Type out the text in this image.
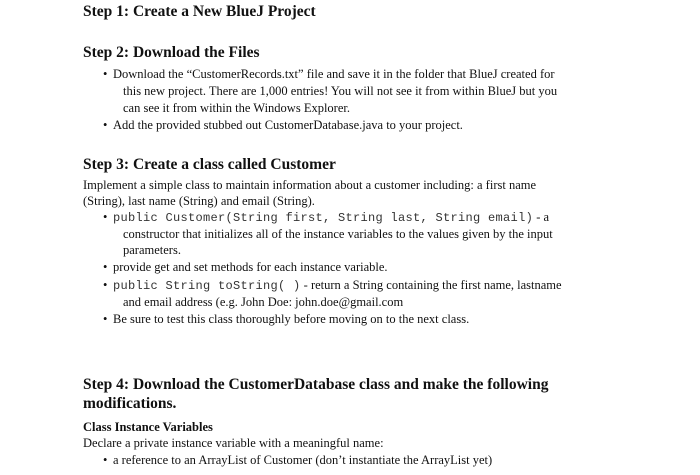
Step 1: Create a New BlueJ Project
Step 2: Download the Files
• Download the “CustomerRecords.txt” file and save it in the folder that BlueJ created for

this new project. There are 1,000 entries! You will not see it from within BlueJ but you

can see it from within the Windows Explorer.

• Add the provided stubbed out CustomerDatabase.java to your project.

Step 3: Create a class called Customer

Implement a simple class to maintain information about a customer including: a first name

(String), last name (String) and email (String).

• public Customer(String first, String last, String email) - a

constructor that initializes all of the instance variables to the values given by the input

parameters.

• provide get and set methods for each instance variable.

• public String toString( ) - return a String containing the first name, lastname

and email address (e.g. John Doe: john.doe@gmail.com

• Be sure to test this class thoroughly before moving on to the next class.

Step 4: Download the CustomerDatabase class and make the following
modifications.
Class Instance Variables

Declare a private instance variable with a meaningful name:

• a reference to an ArrayList of Customer (don’t instantiate the ArrayList yet)
